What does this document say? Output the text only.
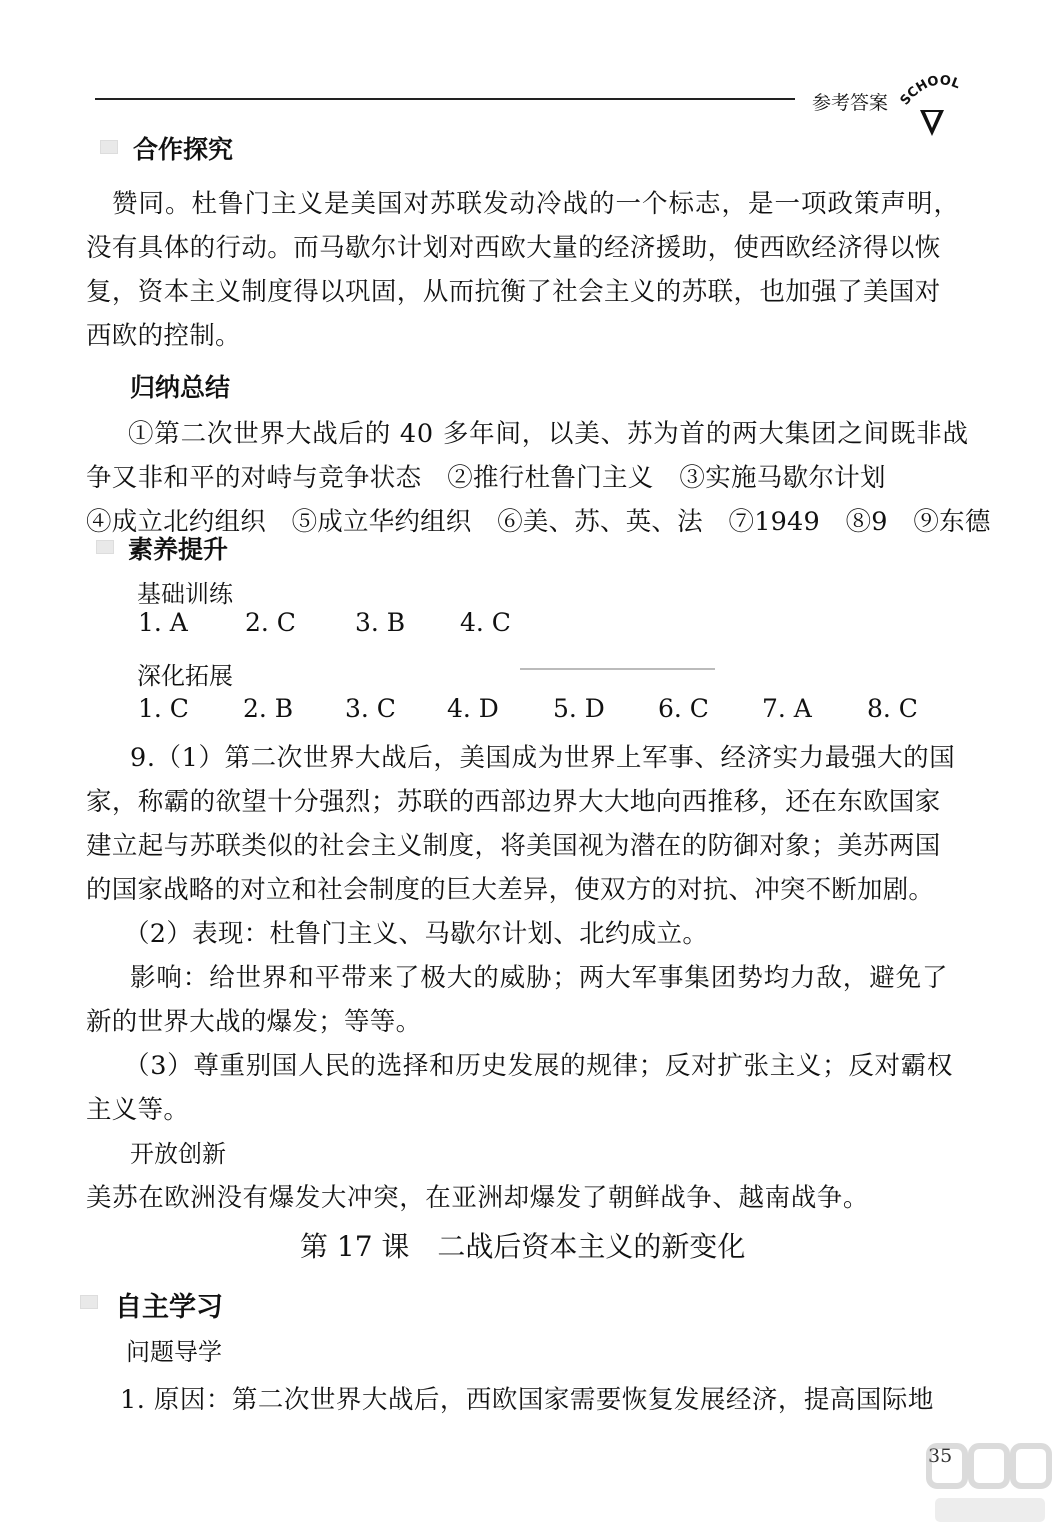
参考答案 SCHOOL
合作探究
赞同。杜鲁门主义是美国对苏联发动冷战的一个标志，是一项政策声明，
没有具体的行动。而马歇尔计划对西欧大量的经济援助，使西欧经济得以恢
复，资本主义制度得以巩固，从而抗衡了社会主义的苏联，也加强了美国对
西欧的控制。
归纳总结
①第二次世界大战后的 40 多年间，以美、苏为首的两大集团之间既非战
争又非和平的对峙与竞争状态　②推行杜鲁门主义　③实施马歇尔计划
④成立北约组织　⑤成立华约组织　⑥美、苏、英、法　⑦1949　⑧9　⑨东德
素养提升
基础训练
1. A 2. C 3. B 4. C
深化拓展
1. C 2. B 3. C 4. D 5. D 6. C 7. A 8. C
9.（1）第二次世界大战后，美国成为世界上军事、经济实力最强大的国
家，称霸的欲望十分强烈；苏联的西部边界大大地向西推移，还在东欧国家
建立起与苏联类似的社会主义制度，将美国视为潜在的防御对象；美苏两国
的国家战略的对立和社会制度的巨大差异，使双方的对抗、冲突不断加剧。
（2）表现：杜鲁门主义、马歇尔计划、北约成立。
影响：给世界和平带来了极大的威胁；两大军事集团势均力敌，避免了
新的世界大战的爆发；等等。
（3）尊重别国人民的选择和历史发展的规律；反对扩张主义；反对霸权
主义等。
开放创新
美苏在欧洲没有爆发大冲突，在亚洲却爆发了朝鲜战争、越南战争。
第 17 课　二战后资本主义的新变化
自主学习
问题导学
1. 原因：第二次世界大战后，西欧国家需要恢复发展经济，提高国际地
35
